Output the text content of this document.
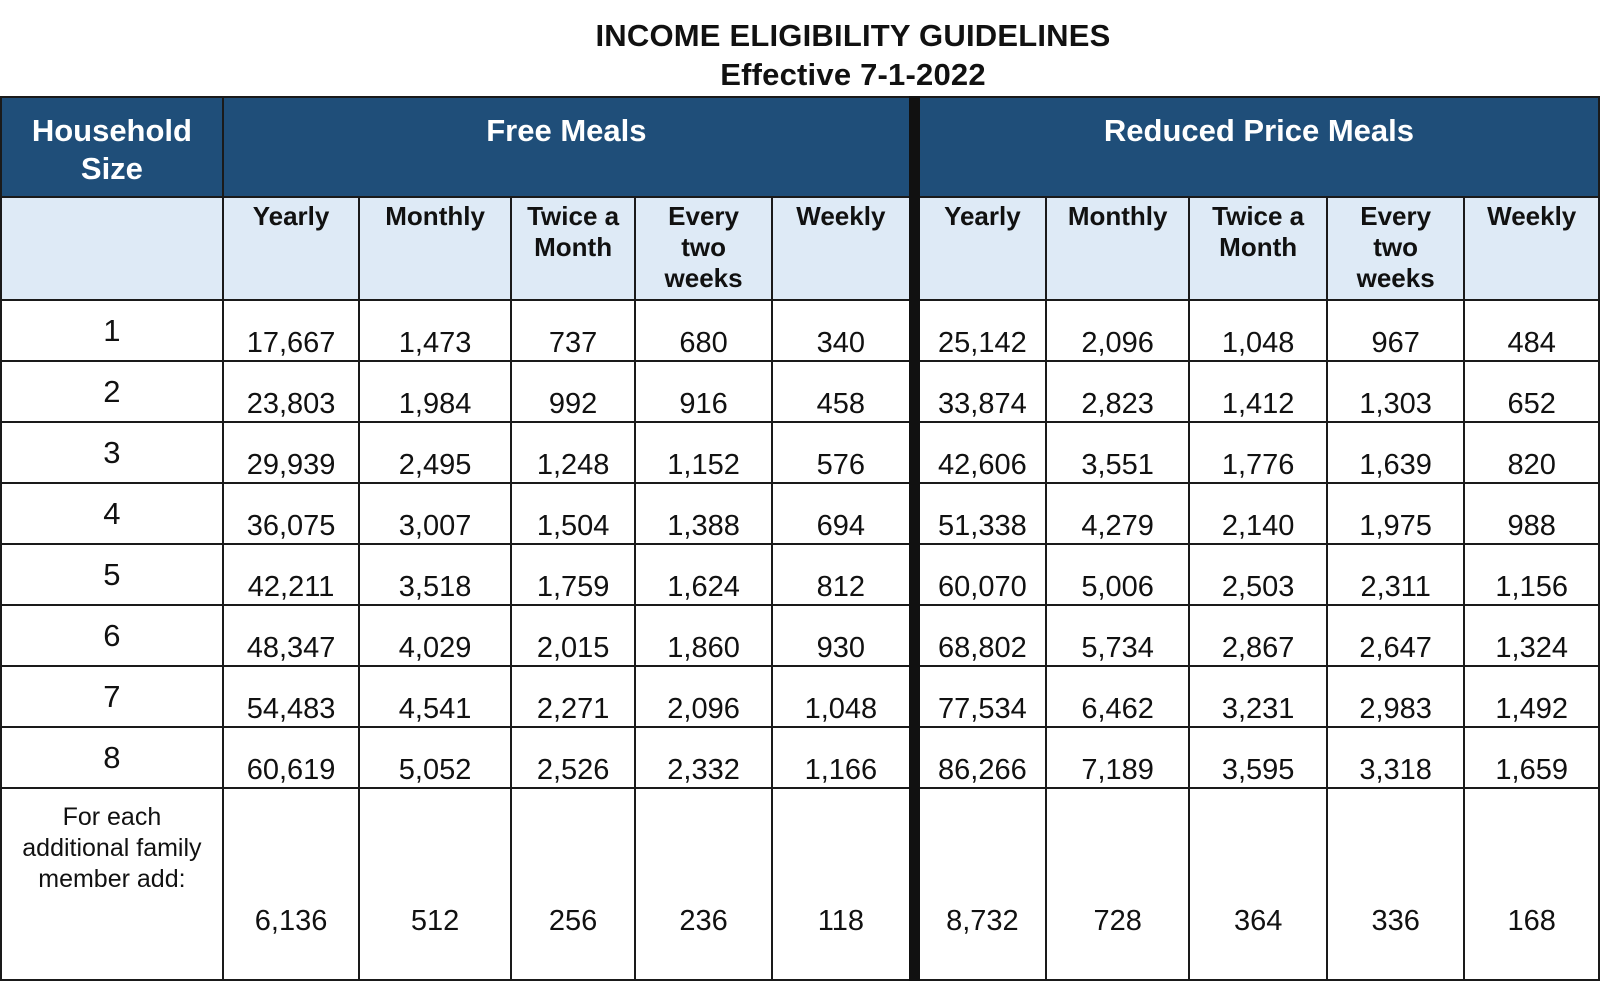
INCOME ELIGIBILITY GUIDELINES
Effective 7-1-2022
Household Size	Free Meals					Reduced Price Meals				

	Yearly	Monthly	Twice a Month	Every two weeks	Weekly	Yearly	Monthly	Twice a Month	Every two weeks	Weekly

1	17,667	1,473	737	680	340	25,142	2,096	1,048	967	484

2	23,803	1,984	992	916	458	33,874	2,823	1,412	1,303	652

3	29,939	2,495	1,248	1,152	576	42,606	3,551	1,776	1,639	820

4	36,075	3,007	1,504	1,388	694	51,338	4,279	2,140	1,975	988

5	42,211	3,518	1,759	1,624	812	60,070	5,006	2,503	2,311	1,156

6	48,347	4,029	2,015	1,860	930	68,802	5,734	2,867	2,647	1,324

7	54,483	4,541	2,271	2,096	1,048	77,534	6,462	3,231	2,983	1,492

8	60,619	5,052	2,526	2,332	1,166	86,266	7,189	3,595	3,318	1,659

For each additional family member add:	6,136	512	256	236	118	8,732	728	364	336	168
